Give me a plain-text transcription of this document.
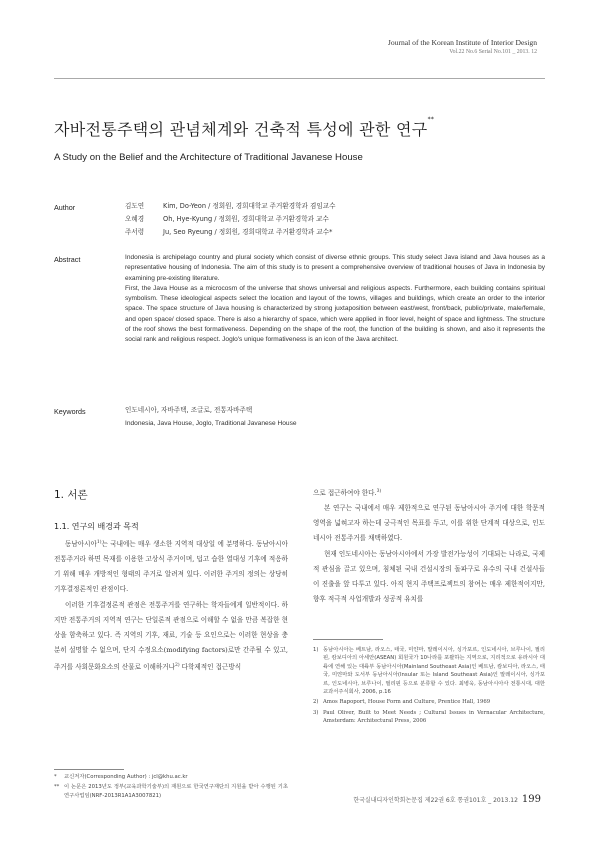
Journal of the Korean Institute of Interior Design
Vol.22 No.6 Serial No.101 _ 2013. 12
자바전통주택의 관념체계와 건축적 특성에 관한 연구**
A Study on the Belief and the Architecture of Traditional Javanese House
Author	김도연	Kim, Do-Yeon / 정회원, 경희대학교 주거환경학과 겸임교수
오혜경	Oh, Hye-Kyung / 정회원, 경희대학교 주거환경학과 교수
주서령	Ju, Seo Ryeung / 정회원, 경희대학교 주거환경학과 교수*
Abstract	Indonesia is archipelago country and plural society which consist of diverse ethnic groups. This study select Java island and Java houses as a representative housing of Indonesia. The aim of this study is to present a comprehensive overview of traditional houses of Java in Indonesia by examining pre-existing literature.

First, the Java House as a microcosm of the universe that shows universal and religious aspects. Furthermore, each building contains spiritual symbolism. These ideological aspects select the location and layout of the towns, villages and buildings, which create an order to the interior space. The space structure of Java housing is characterized by strong juxtaposition between east/west, front/back, public/private, male/female, and open space/ closed space. There is also a hierarchy of space, which were applied in floor level, height of space and lightness. The structure of the roof shows the best formativeness. Depending on the shape of the roof, the function of the building is shown, and also it represents the social rank and religious respect. Joglo's unique formativeness is an icon of the Java architect.

Keywords	인도네시아, 자바주택, 조글로, 전통자바주택
Indonesia, Java House, Joglo, Traditional Javanese House
1. 서론
1.1. 연구의 배경과 목적

동남아시아$^{1)}$는 국내에는 매우 생소한 지역적 대상일 에 분명하다. 동남아시아 전통주거라 하면 목재를 이용한 고상식 주거이며, 덥고 습한 열대성 기후에 적응하기 위해 매우 개방적인 형태의 주거로 알려져 있다. 이러한 주거의 정의는 상당히 기후결정론적인 관점이다.

이러한 기후결정론적 관점은 전통주거를 연구하는 학자들에게 일반적이다. 하지만 전통주거의 지역적 연구는 단일론적 관점으로 이해할 수 없을 만큼 복잡한 현상을 함축하고 있다. 즉 지역의 기후, 재료, 기술 등 요인으로는 이러한 현상을 충분히 설명할 수 없으며, 단지 수정요소(modifying factors)로만 간주될 수 있고, 주거를 사회문화요소의 산물로 이해하거나$^{2)}$ 다학제적인 접근방식

으로 접근하여야 한다.$^{3)}$

본 연구는 국내에서 매우 제한적으로 연구된 동남아시아 주거에 대한 학문적 영역을 넓혀고자 하는데 궁극적인 목표를 두고, 이를 위한 단계적 대상으로, 인도네시아 전통주거를 채택하였다.

현재 인도네시아는 동남아시아에서 가장 발전가능성이 기대되는 나라로, 국제적 관심을 끌고 있으며, 침체된 국내 건설시장의 돌파구로 유수의 국내 건설사들이 진출을 앞 다투고 있다. 아직 현지 주택프로젝트의 참여는 매우 제한적이지만, 향후 적극적 사업개발과 성공적 유치를

1) 동남아시아는 베트남, 라오스, 태국, 미얀마, 말레이시아, 싱가포르, 인도네시아, 브루나이, 필리핀, 캄보디아의 아세안(ASEAN) 회원국가 10나라를 포괄하는 지역으로, 지리적으로 유라시아 대륙에 연해 있는 대륙부 동남아시아(Mainland Southeast Asia)인 베트남, 캄보디아, 라오스, 태국, 미얀마와 도서부 동남아시아(Insular 또는 Island Southeast Asia)인 말레이시아, 싱가포르, 인도네시아, 브루나이, 필리핀 등으로 분류할 수 있다. 최병욱, 동남아시아사 전통시대, 대한교과서주식회사, 2006, p.16
2) Amos Rapoport, House Form and Culture, Prentice Hall, 1969
3) Paul Oliver, Built to Meet Needs ; Cultural Issues in Vernacular Architecture, Amsterdam: Architectural Press, 2006
*	교신저자(Corresponding Author) : jcl@khu.ac.kr
** 이 논문은 2013년도 정부(교육과학기술부)의 재원으로 한국연구재단의 지원을 받아 수행된 기초연구사업임(NRF-2013R1A1A3007821)
한국실내디자인학회논문집 제22권 6호 통권101호 _ 2013.12 199
